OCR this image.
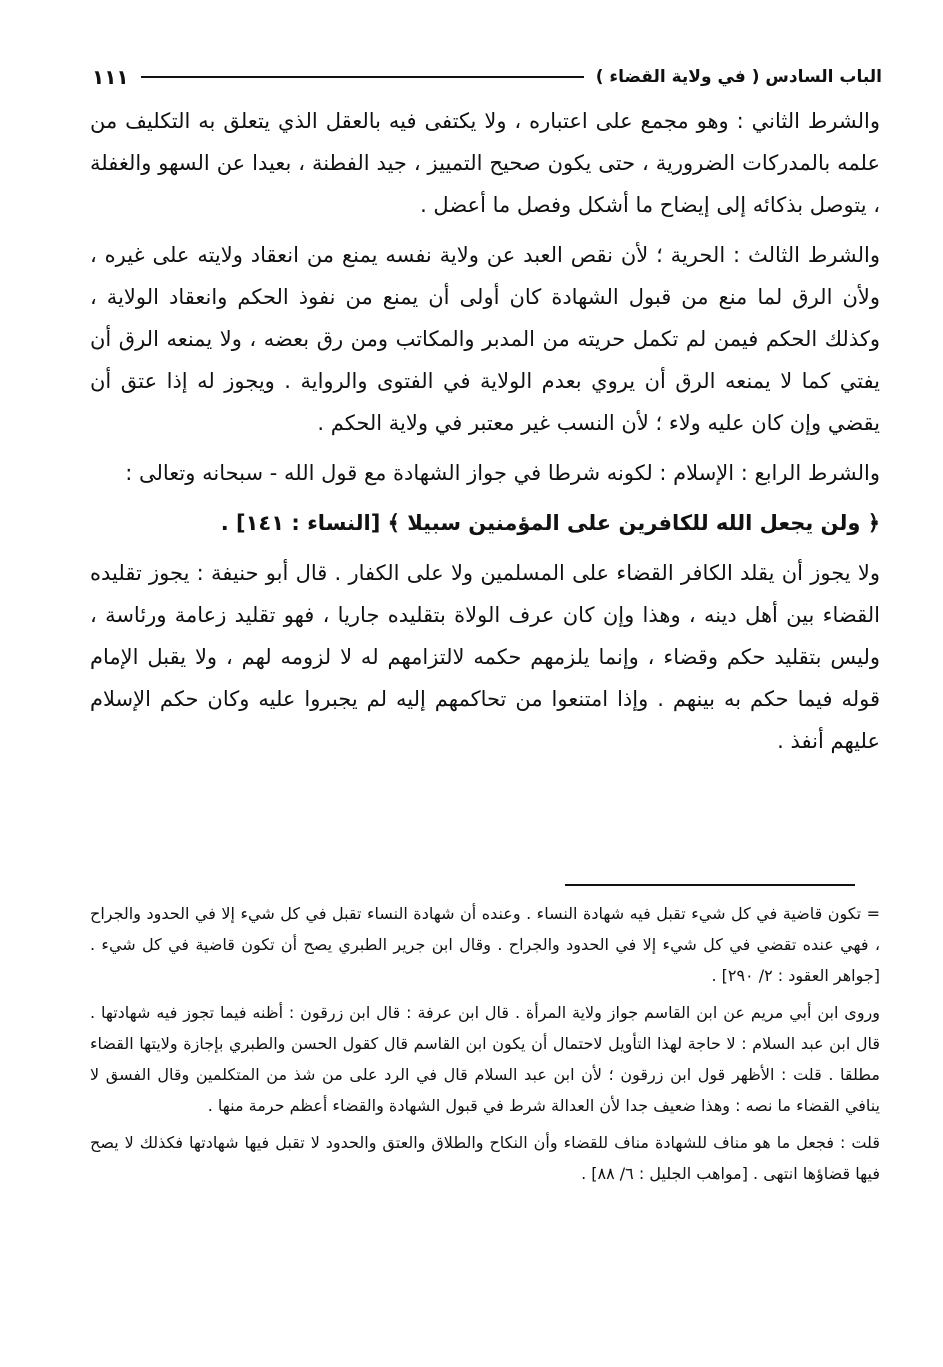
الباب السادس ( في ولاية القضاء )
١١١

والشرط الثاني : وهو مجمع على اعتباره ، ولا يكتفى فيه بالعقل الذي يتعلق به التكليف من علمه بالمدركات الضرورية ، حتى يكون صحيح التمييز ، جيد الفطنة ، بعيدا عن السهو والغفلة ، يتوصل بذكائه إلى إيضاح ما أشكل وفصل ما أعضل .

والشرط الثالث : الحرية ؛ لأن نقص العبد عن ولاية نفسه يمنع من انعقاد ولايته على غيره ، ولأن الرق لما منع من قبول الشهادة كان أولى أن يمنع من نفوذ الحكم وانعقاد الولاية ، وكذلك الحكم فيمن لم تكمل حريته من المدبر والمكاتب ومن رق بعضه ، ولا يمنعه الرق أن يفتي كما لا يمنعه الرق أن يروي بعدم الولاية في الفتوى والرواية . ويجوز له إذا عتق أن يقضي وإن كان عليه ولاء ؛ لأن النسب غير معتبر في ولاية الحكم .

والشرط الرابع : الإسلام : لكونه شرطا في جواز الشهادة مع قول الله - سبحانه وتعالى :

﴿ ولن يجعل الله للكافرين على المؤمنين سبيلا ﴾ [النساء : ١٤١] .

ولا يجوز أن يقلد الكافر القضاء على المسلمين ولا على الكفار . قال أبو حنيفة : يجوز تقليده القضاء بين أهل دينه ، وهذا وإن كان عرف الولاة بتقليده جاريا ، فهو تقليد زعامة ورئاسة ، وليس بتقليد حكم وقضاء ، وإنما يلزمهم حكمه لالتزامهم له لا لزومه لهم ، ولا يقبل الإمام قوله فيما حكم به بينهم . وإذا امتنعوا من تحاكمهم إليه لم يجبروا عليه وكان حكم الإسلام عليهم أنفذ .

= تكون قاضية في كل شيء تقبل فيه شهادة النساء . وعنده أن شهادة النساء تقبل في كل شيء إلا في الحدود والجراح ، فهي عنده تقضي في كل شيء إلا في الحدود والجراح . وقال ابن جرير الطبري يصح أن تكون قاضية في كل شيء . [جواهر العقود : ٢/ ٢٩٠] .

وروى ابن أبي مريم عن ابن القاسم جواز ولاية المرأة . قال ابن عرفة : قال ابن زرقون : أظنه فيما تجوز فيه شهادتها . قال ابن عبد السلام : لا حاجة لهذا التأويل لاحتمال أن يكون ابن القاسم قال كقول الحسن والطبري بإجازة ولايتها القضاء مطلقا . قلت : الأظهر قول ابن زرقون ؛ لأن ابن عبد السلام قال في الرد على من شذ من المتكلمين وقال الفسق لا ينافي القضاء ما نصه : وهذا ضعيف جدا لأن العدالة شرط في قبول الشهادة والقضاء أعظم حرمة منها .

قلت : فجعل ما هو مناف للشهادة مناف للقضاء وأن النكاح والطلاق والعتق والحدود لا تقبل فيها شهادتها فكذلك لا يصح فيها قضاؤها انتهى . [مواهب الجليل : ٦/ ٨٨] .
